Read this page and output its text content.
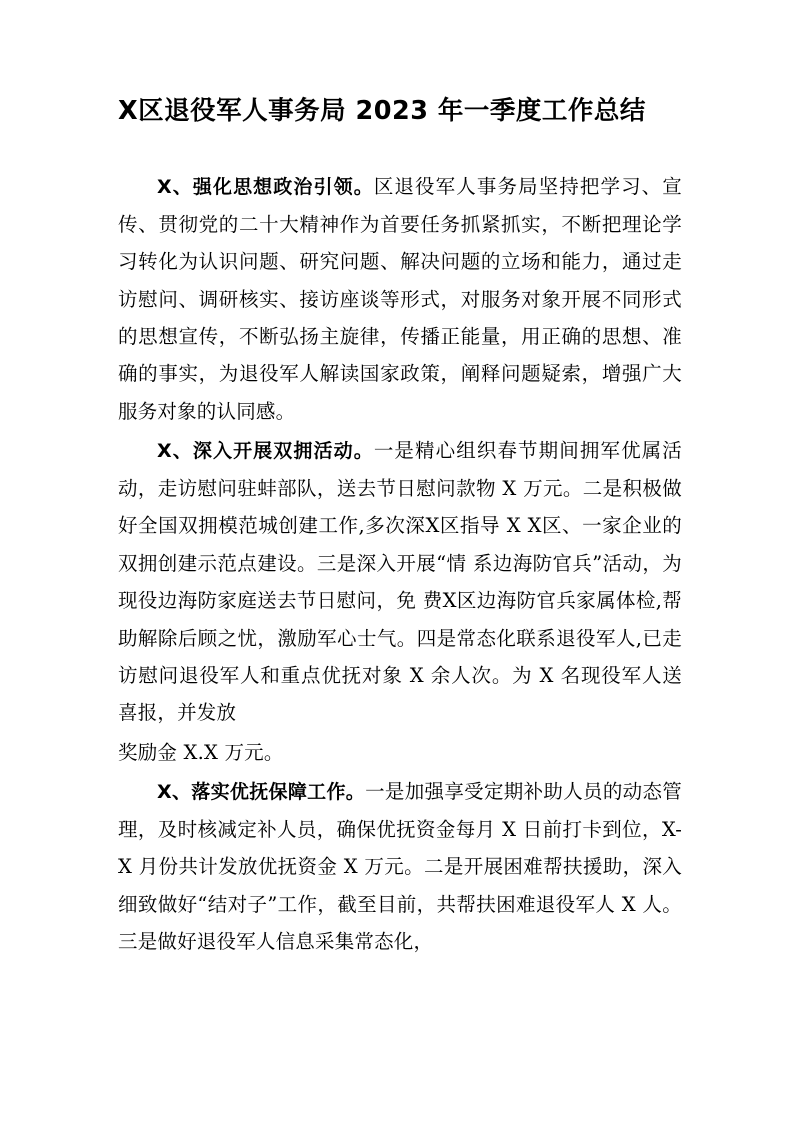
X区退役军人事务局 2023 年一季度工作总结

X、强化思想政治引领。区退役军人事务局坚持把学习、宣传、贯彻党的二十大精神作为首要任务抓紧抓实，不断把理论学习转化为认识问题、研究问题、解决问题的立场和能力，通过走访慰问、调研核实、接访座谈等形式，对服务对象开展不同形式的思想宣传，不断弘扬主旋律，传播正能量，用正确的思想、准确的事实，为退役军人解读国家政策，阐释问题疑索，增强广大服务对象的认同感。

X、深入开展双拥活动。一是精心组织春节期间拥军优属活动，走访慰问驻蚌部队，送去节日慰问款物 X 万元。二是积极做好全国双拥模范城创建工作,多次深X区指导 X X区、一家企业的双拥创建示范点建设。三是深入开展“情 系边海防官兵”活动，为现役边海防家庭送去节日慰问，免 费X区边海防官兵家属体检,帮助解除后顾之忧，激励军心士气。四是常态化联系退役军人,已走访慰问退役军人和重点优抚对象 X 余人次。为 X 名现役军人送喜报，并发放

奖励金 X.X 万元。

X、落实优抚保障工作。一是加强享受定期补助人员的动态管理，及时核减定补人员，确保优抚资金每月 X 日前打卡到位，X-X 月份共计发放优抚资金 X 万元。二是开展困难帮扶援助，深入细致做好“结对子”工作，截至目前，共帮扶困难退役军人 X 人。三是做好退役军人信息采集常态化，
